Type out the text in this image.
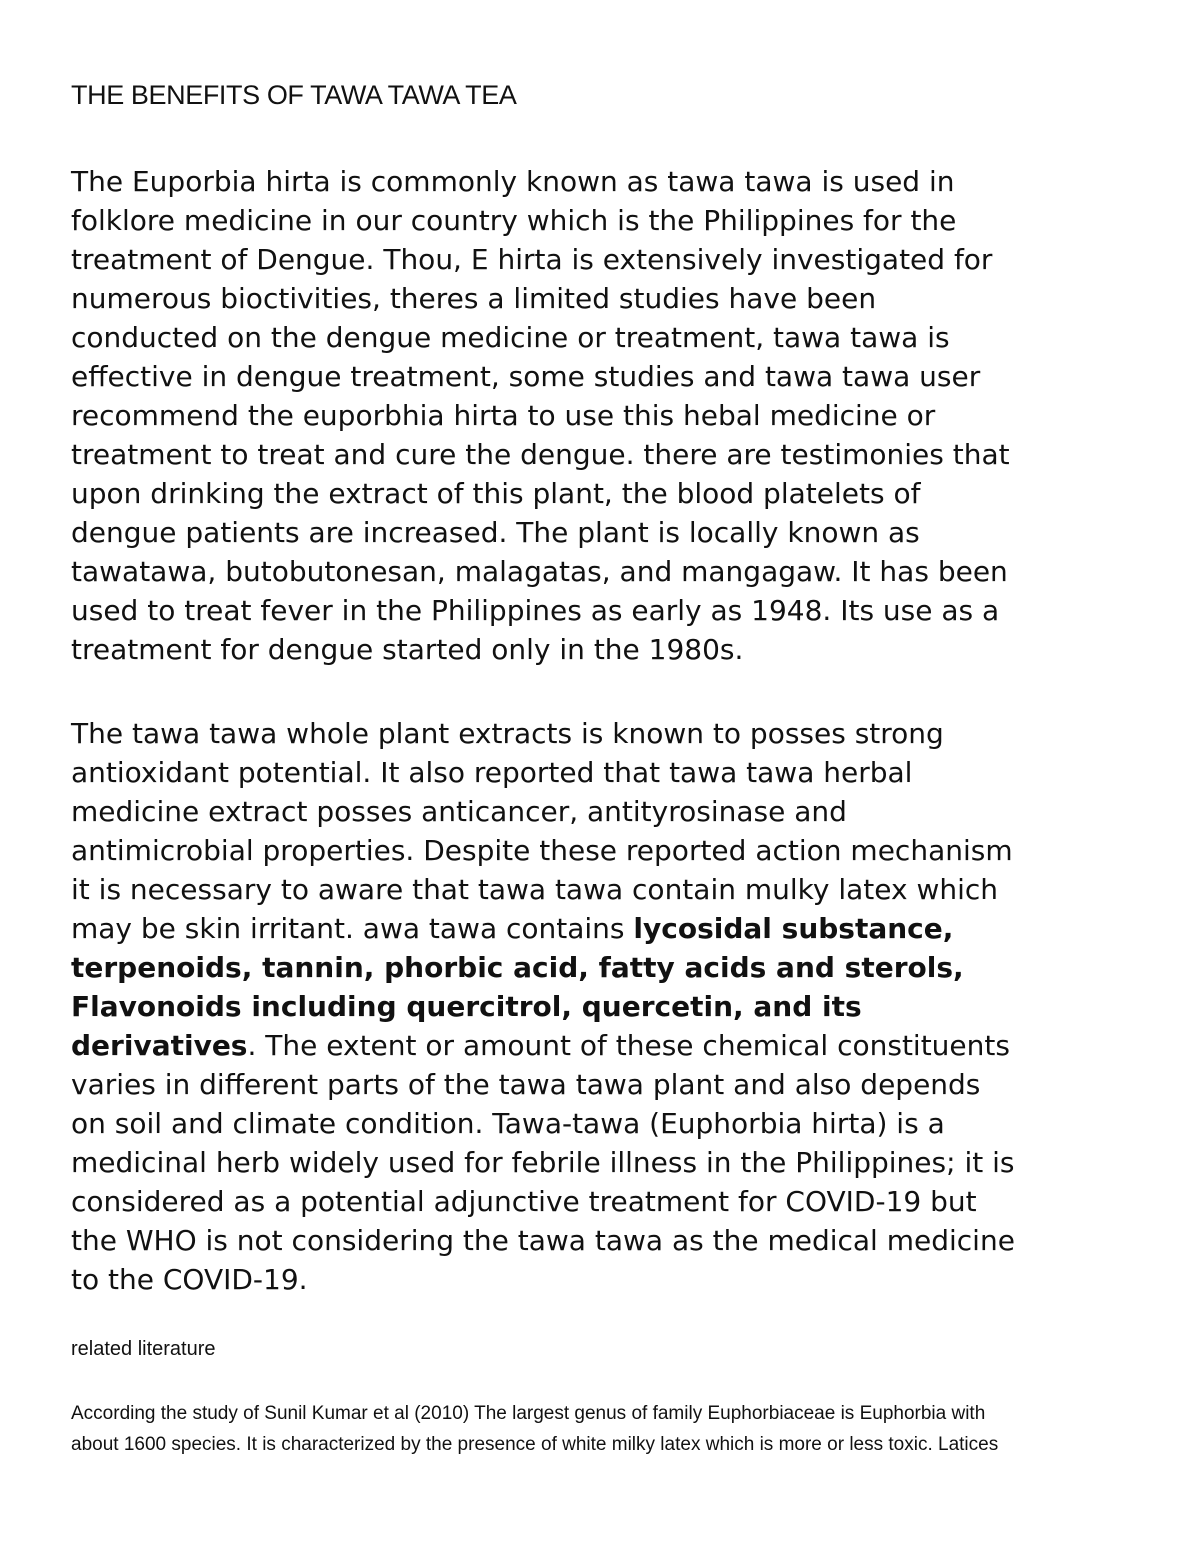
THE BENEFITS OF TAWA TAWA TEA
The Euporbia hirta is commonly known as tawa tawa is used in
folklore medicine in our country which is the Philippines for the
treatment of Dengue. Thou, E hirta is extensively investigated for
numerous bioctivities, theres a limited studies have been
conducted on the dengue medicine or treatment, tawa tawa is
effective in dengue treatment, some studies and tawa tawa user
recommend the euporbhia hirta to use this hebal medicine or
treatment to treat and cure the dengue. there are testimonies that
upon drinking the extract of this plant, the blood platelets of
dengue patients are increased. The plant is locally known as
tawatawa, butobutonesan, malagatas, and mangagaw. It has been
used to treat fever in the Philippines as early as 1948. Its use as a
treatment for dengue started only in the 1980s.
The tawa tawa whole plant extracts is known to posses strong
antioxidant potential. It also reported that tawa tawa herbal
medicine extract posses anticancer, antityrosinase and
antimicrobial properties. Despite these reported action mechanism
it is necessary to aware that tawa tawa contain mulky latex which
may be skin irritant. awa tawa contains lycosidal substance,
terpenoids, tannin, phorbic acid, fatty acids and sterols,
Flavonoids including quercitrol, quercetin, and its
derivatives. The extent or amount of these chemical constituents
varies in different parts of the tawa tawa plant and also depends
on soil and climate condition. Tawa-tawa (Euphorbia hirta) is a
medicinal herb widely used for febrile illness in the Philippines; it is
considered as a potential adjunctive treatment for COVID-19 but
the WHO is not considering the tawa tawa as the medical medicine
to the COVID-19.
related literature
According the study of Sunil Kumar et al (2010) The largest genus of family Euphorbiaceae is Euphorbia with
about 1600 species. It is characterized by the presence of white milky latex which is more or less toxic. Latices
